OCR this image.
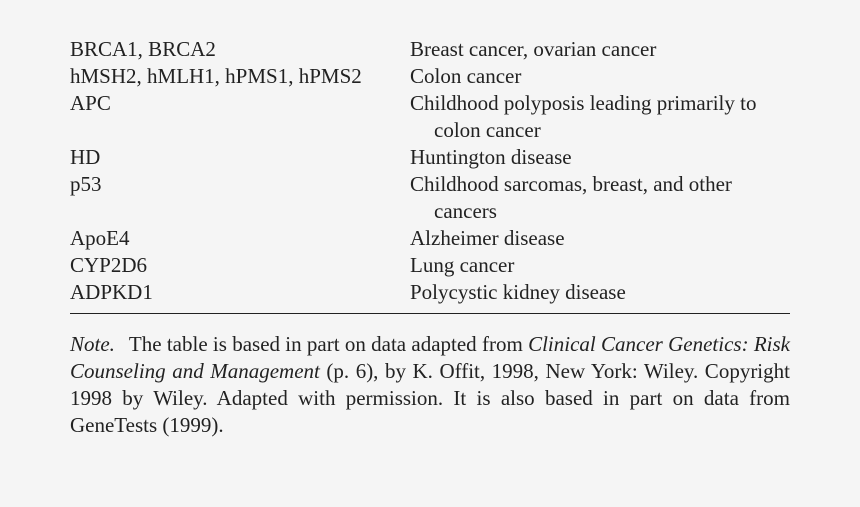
BRCA1, BRCA2	Breast cancer, ovarian cancer
hMSH2, hMLH1, hPMS1, hPMS2	Colon cancer
APC	Childhood polyposis leading primarily to colon cancer
HD	Huntington disease
p53	Childhood sarcomas, breast, and other cancers
ApoE4	Alzheimer disease
CYP2D6	Lung cancer
ADPKD1	Polycystic kidney disease
Note. The table is based in part on data adapted from Clinical Cancer Genetics: Risk Counseling and Management (p. 6), by K. Offit, 1998, New York: Wiley. Copyright 1998 by Wiley. Adapted with permission. It is also based in part on data from GeneTests (1999).
